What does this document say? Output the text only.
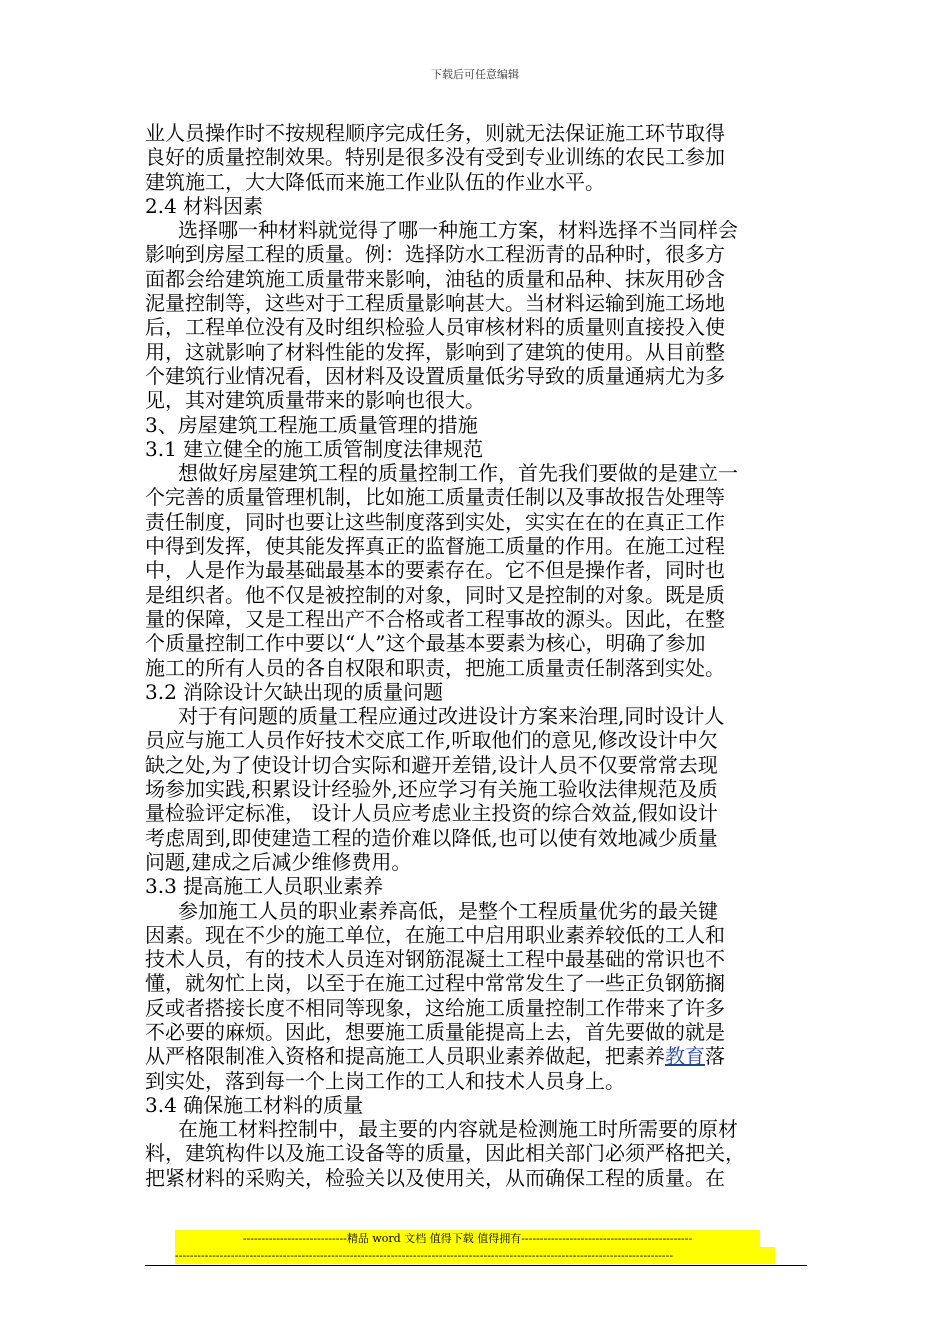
下载后可任意编辑

业人员操作时不按规程顺序完成任务，则就无法保证施工环节取得

良好的质量控制效果。特别是很多没有受到专业训练的农民工参加

建筑施工，大大降低而来施工作业队伍的作业水平。

2.4 材料因素

选择哪一种材料就觉得了哪一种施工方案，材料选择不当同样会

影响到房屋工程的质量。例：选择防水工程沥青的品种时，很多方

面都会给建筑施工质量带来影响，油毡的质量和品种、抹灰用砂含

泥量控制等，这些对于工程质量影响甚大。当材料运输到施工场地

后，工程单位没有及时组织检验人员审核材料的质量则直接投入使

用，这就影响了材料性能的发挥，影响到了建筑的使用。从目前整

个建筑行业情况看，因材料及设置质量低劣导致的质量通病尤为多

见，其对建筑质量带来的影响也很大。

3、房屋建筑工程施工质量管理的措施

3.1 建立健全的施工质管制度法律规范

想做好房屋建筑工程的质量控制工作，首先我们要做的是建立一

个完善的质量管理机制，比如施工质量责任制以及事故报告处理等

责任制度，同时也要让这些制度落到实处，实实在在的在真正工作

中得到发挥，使其能发挥真正的监督施工质量的作用。在施工过程

中，人是作为最基础最基本的要素存在。它不但是操作者，同时也

是组织者。他不仅是被控制的对象，同时又是控制的对象。既是质

量的保障，又是工程出产不合格或者工程事故的源头。因此，在整

个质量控制工作中要以“人”这个最基本要素为核心，明确了参加

施工的所有人员的各自权限和职责，把施工质量责任制落到实处。

3.2 消除设计欠缺出现的质量问题

对于有问题的质量工程应通过改进设计方案来治理,同时设计人

员应与施工人员作好技术交底工作,听取他们的意见,修改设计中欠

缺之处,为了使设计切合实际和避开差错,设计人员不仅要常常去现

场参加实践,积累设计经验外,还应学习有关施工验收法律规范及质

量检验评定标准， 设计人员应考虑业主投资的综合效益,假如设计

考虑周到,即使建造工程的造价难以降低,也可以使有效地减少质量

问题,建成之后减少维修费用。

3.3 提高施工人员职业素养

参加施工人员的职业素养高低，是整个工程质量优劣的最关键

因素。现在不少的施工单位，在施工中启用职业素养较低的工人和

技术人员，有的技术人员连对钢筋混凝土工程中最基础的常识也不

懂，就匆忙上岗，以至于在施工过程中常常发生了一些正负钢筋搁

反或者搭接长度不相同等现象，这给施工质量控制工作带来了许多

不必要的麻烦。因此，想要施工质量能提高上去，首先要做的就是

从严格限制准入资格和提高施工人员职业素养做起，把素养教育落

到实处，落到每一个上岗工作的工人和技术人员身上。

3.4 确保施工材料的质量

在施工材料控制中，最主要的内容就是检测施工时所需要的原材

料，建筑构件以及施工设备等的质量，因此相关部门必须严格把关，

把紧材料的采购关，检验关以及使用关，从而确保工程的质量。在

----------------------------精品 word 文档 值得下载 值得拥有----------------------------------------------
--------------------------------------------------------------------------------------------------------------------------------------
